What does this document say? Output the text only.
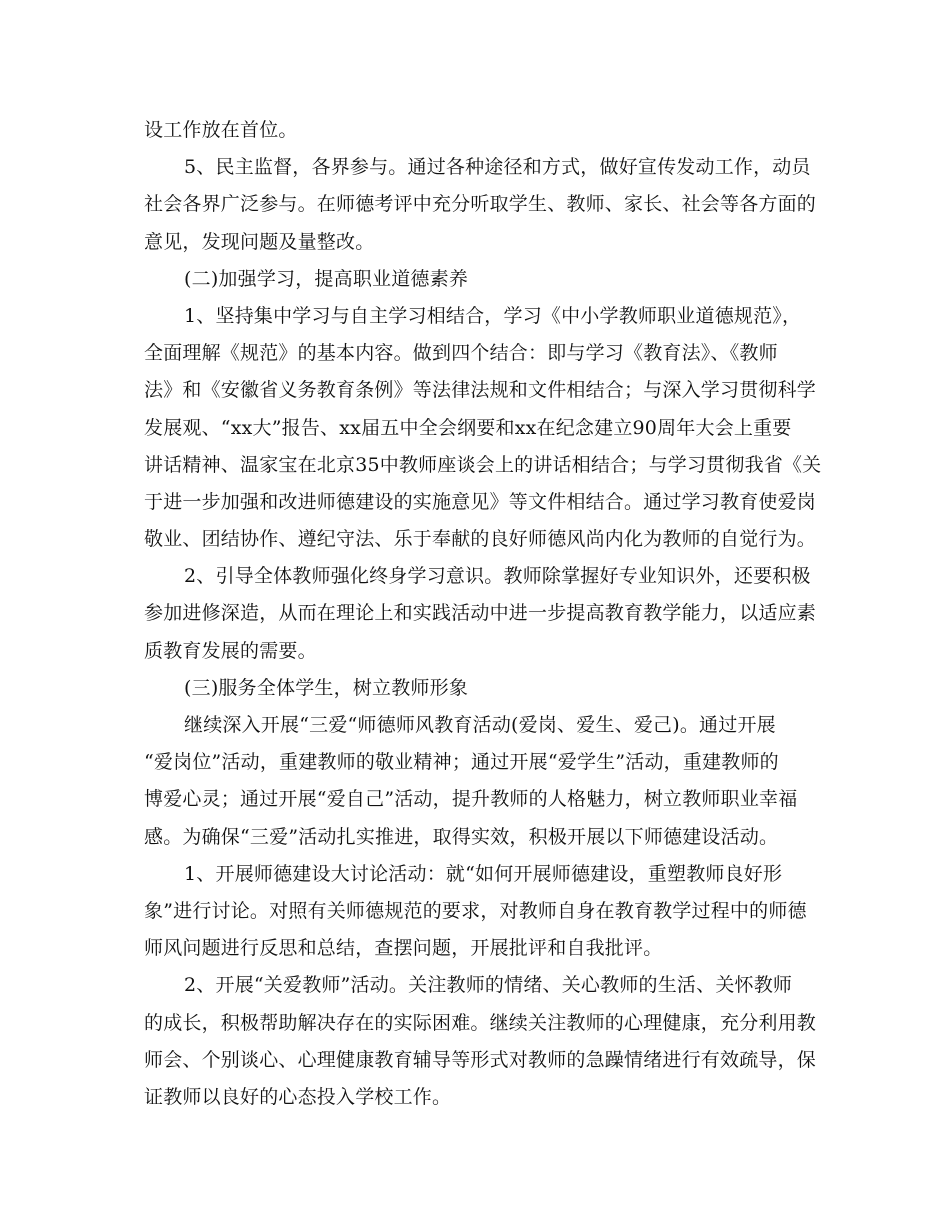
设工作放在首位。
5、民主监督，各界参与。通过各种途径和方式，做好宣传发动工作，动员
社会各界广泛参与。在师德考评中充分听取学生、教师、家长、社会等各方面的
意见，发现问题及量整改。
(二)加强学习，提高职业道德素养
1、坚持集中学习与自主学习相结合，学习《中小学教师职业道德规范》，
全面理解《规范》的基本内容。做到四个结合：即与学习《教育法》、《教师
法》和《安徽省义务教育条例》等法律法规和文件相结合；与深入学习贯彻科学
发展观、“xx大”报告、xx届五中全会纲要和xx在纪念建立90周年大会上重要
讲话精神、温家宝在北京35中教师座谈会上的讲话相结合；与学习贯彻我省《关
于进一步加强和改进师德建设的实施意见》等文件相结合。通过学习教育使爱岗
敬业、团结协作、遵纪守法、乐于奉献的良好师德风尚内化为教师的自觉行为。
2、引导全体教师强化终身学习意识。教师除掌握好专业知识外，还要积极
参加进修深造，从而在理论上和实践活动中进一步提高教育教学能力，以适应素
质教育发展的需要。
(三)服务全体学生，树立教师形象
继续深入开展“三爱“师德师风教育活动(爱岗、爱生、爱己)。通过开展
“爱岗位”活动，重建教师的敬业精神；通过开展“爱学生”活动，重建教师的
博爱心灵；通过开展“爱自己”活动，提升教师的人格魅力，树立教师职业幸福
感。为确保“三爱”活动扎实推进，取得实效，积极开展以下师德建设活动。
1、开展师德建设大讨论活动：就“如何开展师德建设，重塑教师良好形
象”进行讨论。对照有关师德规范的要求，对教师自身在教育教学过程中的师德
师风问题进行反思和总结，查摆问题，开展批评和自我批评。
2、开展“关爱教师”活动。关注教师的情绪、关心教师的生活、关怀教师
的成长，积极帮助解决存在的实际困难。继续关注教师的心理健康，充分利用教
师会、个别谈心、心理健康教育辅导等形式对教师的急躁情绪进行有效疏导，保
证教师以良好的心态投入学校工作。
